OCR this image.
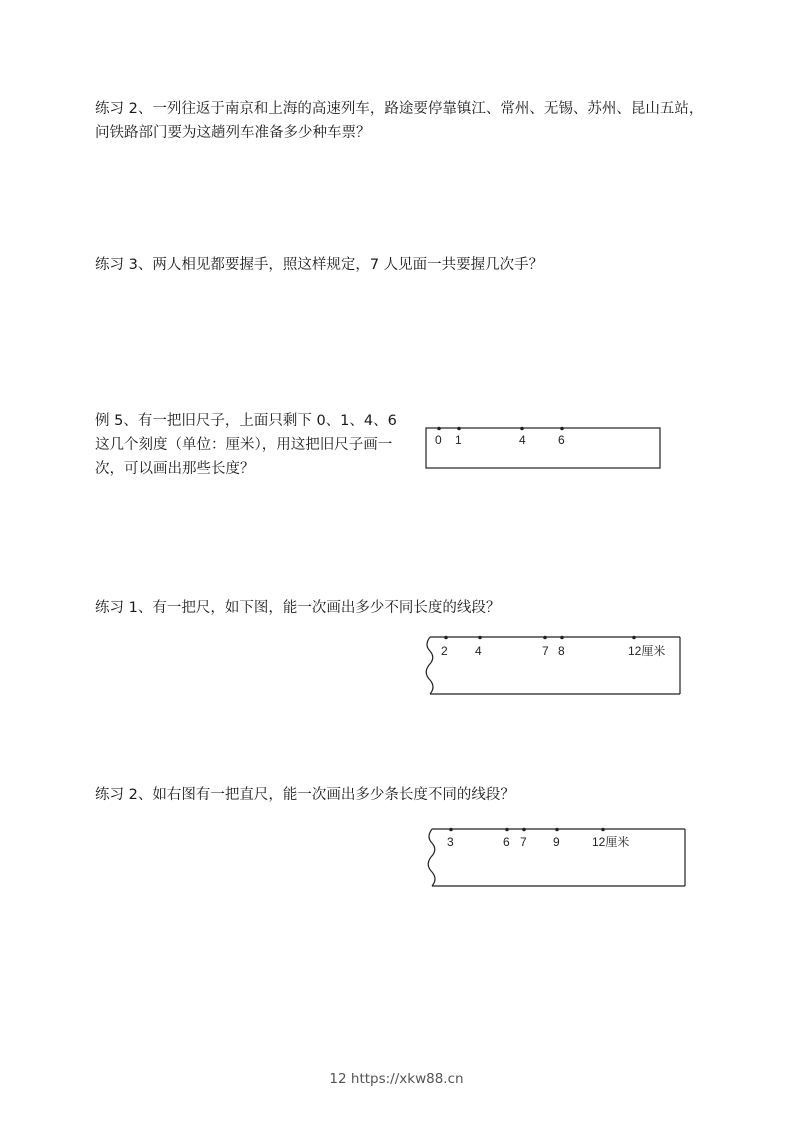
练习 2、一列往返于南京和上海的高速列车，路途要停靠镇江、常州、无锡、苏州、昆山五站，问铁路部门要为这趟列车准备多少种车票？

练习 3、两人相见都要握手，照这样规定，7 人见面一共要握几次手？

例 5、有一把旧尺子，上面只剩下 0、1、4、6 这几个刻度（单位：厘米），用这把旧尺子画一次，可以画出那些长度？

0 1	4	6

练习 1、有一把尺，如下图，能一次画出多少不同长度的线段？

2 4	7 8	12厘米

练习 2、如右图有一把直尺，能一次画出多少条长度不同的线段？

3	6 7 9	12厘米
12 https://xkw88.cn
